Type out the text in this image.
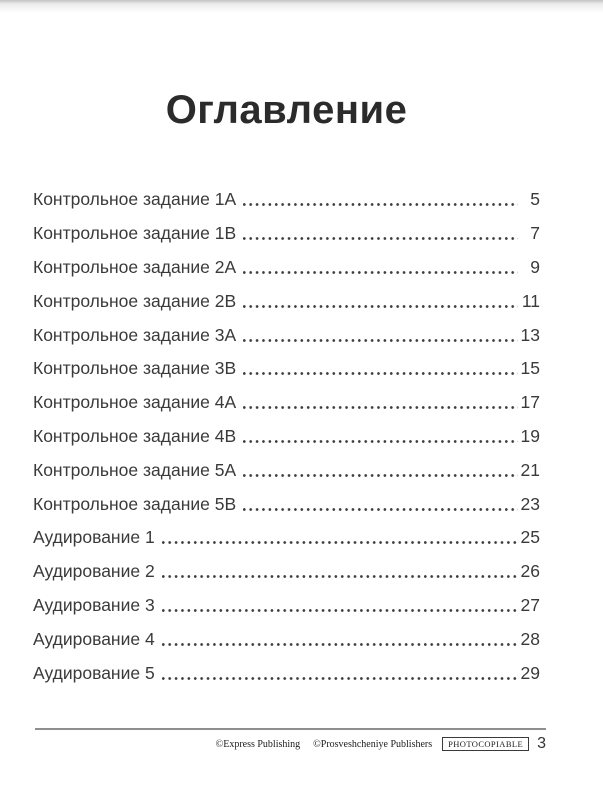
Оглавление
Контрольное задание 1A	5
Контрольное задание 1B	7
Контрольное задание 2A	9
Контрольное задание 2B	11
Контрольное задание 3A	13
Контрольное задание 3B	15
Контрольное задание 4A	17
Контрольное задание 4B	19
Контрольное задание 5A	21
Контрольное задание 5B	23
Аудирование 1	25
Аудирование 2	26
Аудирование 3	27
Аудирование 4	28
Аудирование 5	29
©Express Publishing ©Prosveshcheniye Publishers	PHOTOCOPIABLE 3
